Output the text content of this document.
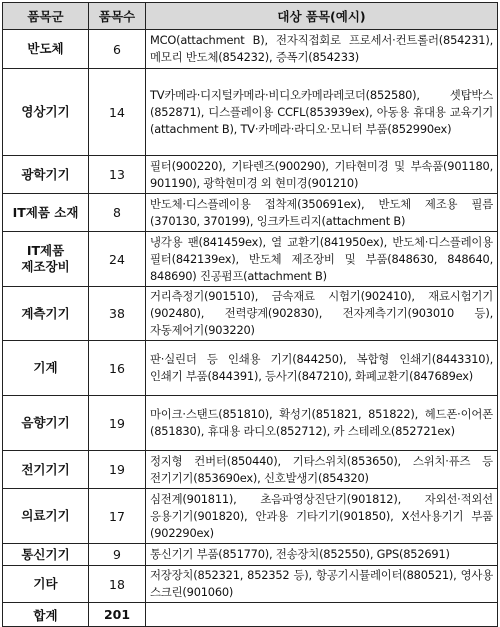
품목군	품목수	대상 품목(예시)
반도체	6	MCO(attachment B), 전자직접회로 프로세서·컨트롤러(854231), 메모리 반도체(854232), 증폭기(854233)
영상기기	14	TV카메라·디지털카메라·비디오카메라레코더(852580), 셋탑박스(852871), 디스플레이용 CCFL(853939ex), 아동용 휴대용 교육기기(attachment B), TV·카메라·라디오·모니터 부품(852990ex)
광학기기	13	필터(900220), 기타렌즈(900290), 기타현미경 및 부속품(901180, 901190), 광학현미경 외 현미경(901210)
IT제품 소재	8	반도체·디스플레이용 접착제(350691ex), 반도체 제조용 필름(370130, 370199), 잉크카트리지(attachment B)
IT제품
제조장비	24	냉각용 팬(841459ex), 열 교환기(841950ex), 반도체·디스플레이용 필터(842139ex), 반도체 제조장비 및 부품(848630, 848640, 848690) 진공펌프(attachment B)
계측기기	38	거리측정기(901510), 금속재료 시험기(902410), 재료시험기기(902480), 전력량계(902830), 전자계측기기(903010 등), 자동제어기(903220)
기계	16	판·실린더 등 인쇄용 기기(844250), 복합형 인쇄기(8443310), 인쇄기 부품(844391), 등사기(847210), 화폐교환기(847689ex)
음향기기	19	마이크·스탠드(851810), 확성기(851821, 851822), 헤드폰·이어폰(851830), 휴대용 라디오(852712), 카 스테레오(852721ex)
전기기기	19	정지형 컨버터(850440), 기타스위치(853650), 스위치·퓨즈 등 전기기기(853690ex), 신호발생기(854320)
의료기기	17	심전계(901811), 초음파영상진단기(901812), 자외선·적외선 응용기기(901820), 안과용 기타기기(901850), X선사용기기 부품(902290ex)
통신기기	9	통신기기 부품(851770), 전송장치(852550), GPS(852691)
기타	18	저장장치(852321, 852352 등), 항공기시뮬레이터(880521), 영사용 스크린(901060)
합계	201	
